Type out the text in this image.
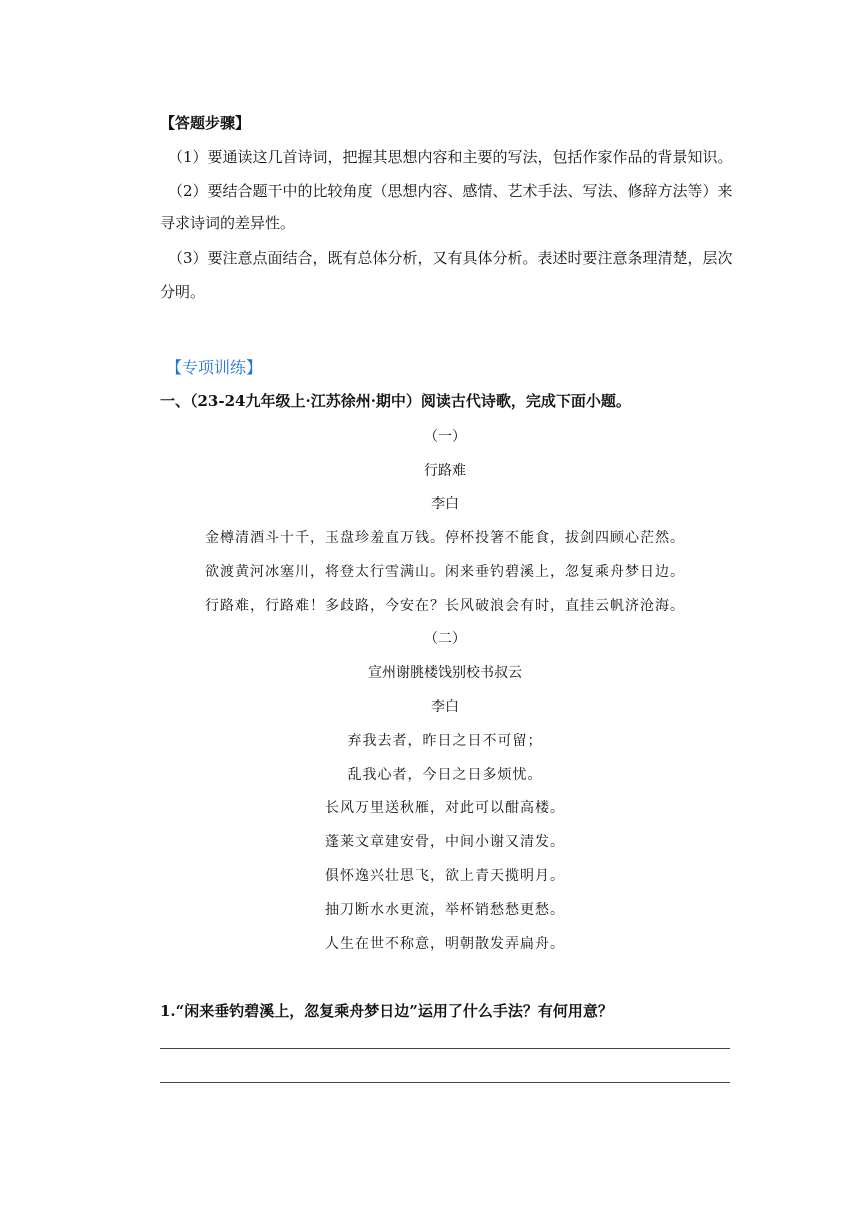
【答题步骤】
（1）要通读这几首诗词，把握其思想内容和主要的写法，包括作家作品的背景知识。
（2）要结合题干中的比较角度（思想内容、感情、艺术手法、写法、修辞方法等）来
寻求诗词的差异性。
（3）要注意点面结合，既有总体分析，又有具体分析。表述时要注意条理清楚，层次
分明。
【专项训练】
一、（23-24九年级上·江苏徐州·期中）阅读古代诗歌，完成下面小题。
（一）
行路难
李白
金樽清酒斗十千，玉盘珍羞直万钱。停杯投箸不能食，拔剑四顾心茫然。
欲渡黄河冰塞川，将登太行雪满山。闲来垂钓碧溪上，忽复乘舟梦日边。
行路难，行路难！多歧路，今安在？长风破浪会有时，直挂云帆济沧海。
（二）
宣州谢朓楼饯别校书叔云
李白
弃我去者，昨日之日不可留；
乱我心者，今日之日多烦忧。
长风万里送秋雁，对此可以酣高楼。
蓬莱文章建安骨，中间小谢又清发。
俱怀逸兴壮思飞，欲上青天揽明月。
抽刀断水水更流，举杯销愁愁更愁。
人生在世不称意，明朝散发弄扁舟。
1.“闲来垂钓碧溪上，忽复乘舟梦日边”运用了什么手法？有何用意？
